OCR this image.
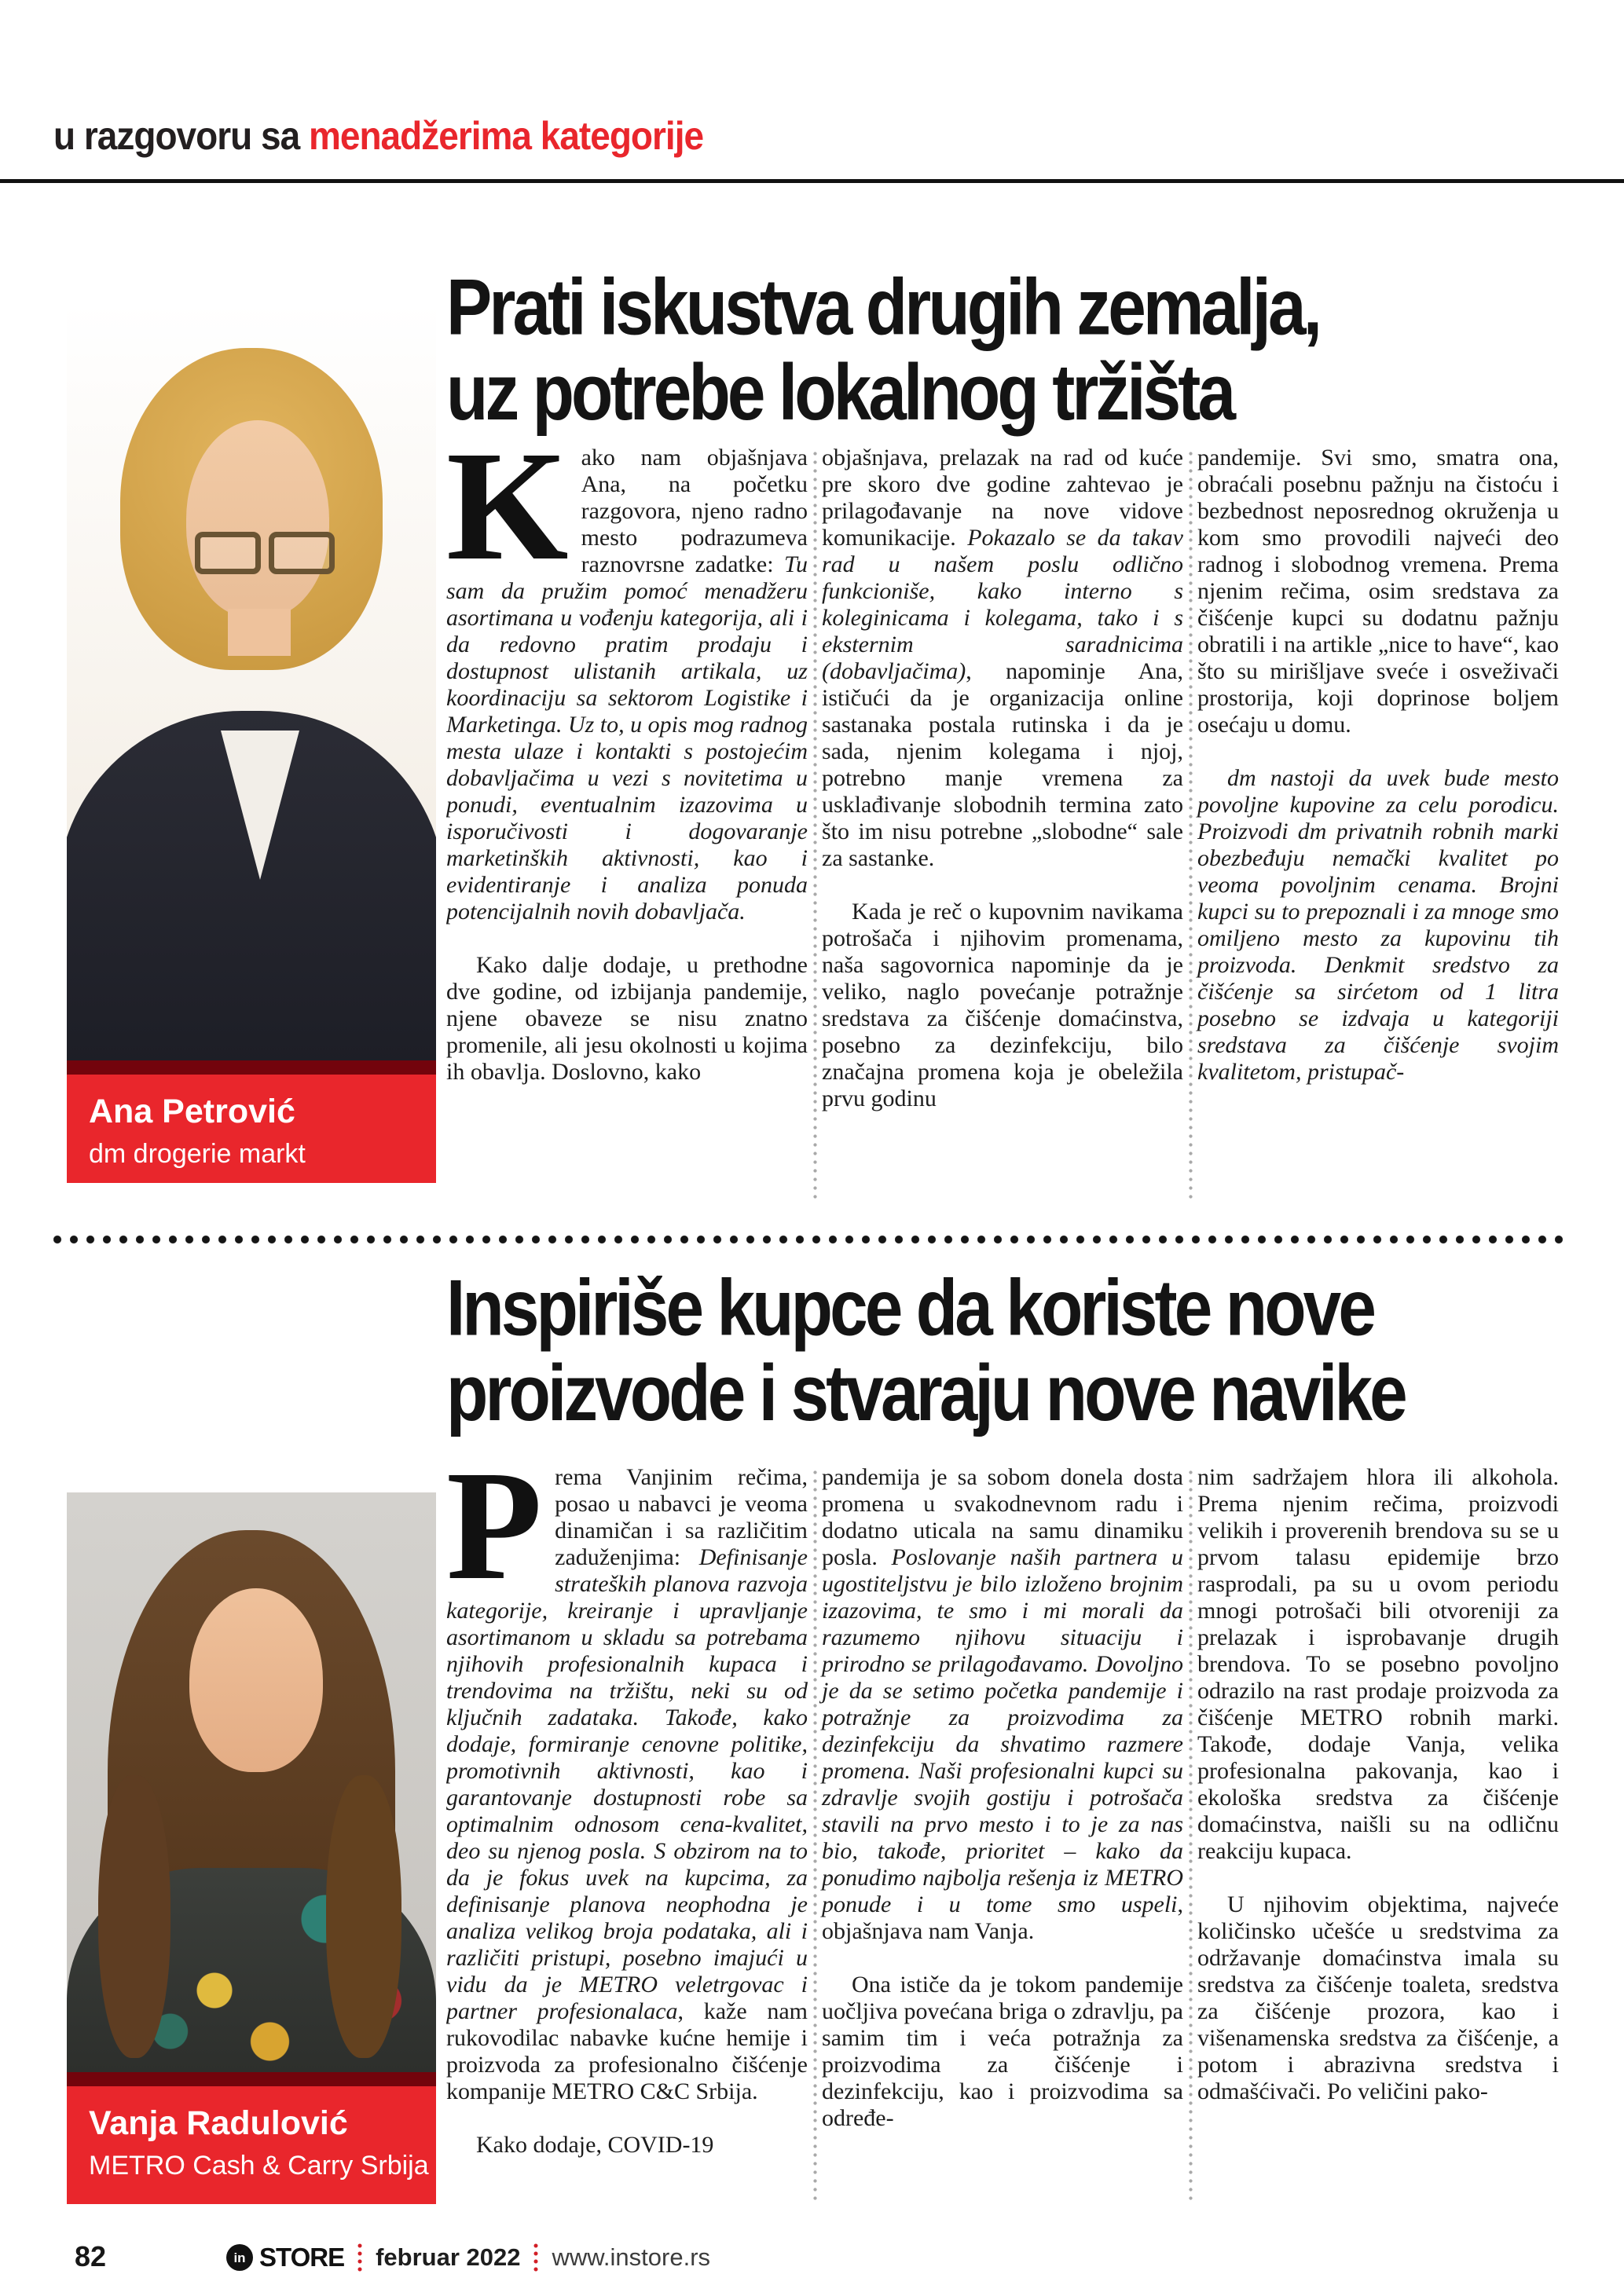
u razgovoru sa menadžerima kategorije
Prati iskustva drugih zemalja,
uz potrebe lokalnog tržišta
Ana Petrović
dm drogerie markt

Kako nam objašnjava Ana, na početku razgovora, njeno radno mesto podrazumeva raznovrsne zadatke: Tu sam da pružim pomoć menadžeru asortimana u vođenju kategorija, ali i da redovno pratim prodaju i dostupnost ulistanih artikala, uz koordinaciju sa sektorom Logistike i Marketinga. Uz to, u opis mog radnog mesta ulaze i kontakti s postojećim dobavljačima u vezi s novitetima u ponudi, eventualnim izazovima u isporučivosti i dogovaranje marketinških aktivnosti, kao i evidentiranje i analiza ponuda potencijalnih novih dobavljača.

Kako dalje dodaje, u prethodne dve godine, od izbijanja pandemije, njene obaveze se nisu znatno promenile, ali jesu okolnosti u kojima ih obavlja. Doslovno, kako

objašnjava, prelazak na rad od kuće pre skoro dve godine zahtevao je prilagođavanje na nove vidove komunikacije. Pokazalo se da takav rad u našem poslu odlično funkcioniše, kako interno s koleginicama i kolegama, tako i s eksternim saradnicima (dobavljačima), napominje Ana, ističući da je organizacija online sastanaka postala rutinska i da je sada, njenim kolegama i njoj, potrebno manje vremena za usklađivanje slobodnih termina zato što im nisu potrebne „slobodne“ sale za sastanke.

Kada je reč o kupovnim navikama potrošača i njihovim promenama, naša sagovornica napominje da je veliko, naglo povećanje potražnje sredstava za čišćenje domaćinstva, posebno za dezinfekciju, bilo značajna promena koja je obeležila prvu godinu

pandemije. Svi smo, smatra ona, obraćali posebnu pažnju na čistoću i bezbednost neposrednog okruženja u kom smo provodili najveći deo radnog i slobodnog vremena. Prema njenim rečima, osim sredstava za čišćenje kupci su dodatnu pažnju obratili i na artikle „nice to have“, kao što su mirišljave sveće i osveživači prostorija, koji doprinose boljem osećaju u domu.

dm nastoji da uvek bude mesto povoljne kupovine za celu porodicu. Proizvodi dm privatnih robnih marki obezbeđuju nemački kvalitet po veoma povoljnim cenama. Brojni kupci su to prepoznali i za mnoge smo omiljeno mesto za kupovinu tih proizvoda. Denkmit sredstvo za čišćenje sa sirćetom od 1 litra posebno se izdvaja u kategoriji sredstava za čišćenje svojim kvalitetom, pristupač-

Inspiriše kupce da koriste nove
proizvode i stvaraju nove navike
Vanja Radulović
METRO Cash & Carry Srbija

Prema Vanjinim rečima, posao u nabavci je veoma dinamičan i sa različitim zaduženjima: Definisanje strateških planova razvoja kategorije, kreiranje i upravljanje asortimanom u skladu sa potrebama njihovih profesionalnih kupaca i trendovima na tržištu, neki su od ključnih zadataka. Takođe, kako dodaje, formiranje cenovne politike, promotivnih aktivnosti, kao i garantovanje dostupnosti robe sa optimalnim odnosom cena-kvalitet, deo su njenog posla. S obzirom na to da je fokus uvek na kupcima, za definisanje planova neophodna je analiza velikog broja podataka, ali i različiti pristupi, posebno imajući u vidu da je METRO veletrgovac i partner profesionalaca, kaže nam rukovodilac nabavke kućne hemije i proizvoda za profesionalno čišćenje kompanije METRO C&C Srbija.

Kako dodaje, COVID-19

pandemija je sa sobom donela dosta promena u svakodnevnom radu i dodatno uticala na samu dinamiku posla. Poslovanje naših partnera u ugostiteljstvu je bilo izloženo brojnim izazovima, te smo i mi morali da razumemo njihovu situaciju i prirodno se prilagođavamo. Dovoljno je da se setimo početka pandemije i potražnje za proizvodima za dezinfekciju da shvatimo razmere promena. Naši profesionalni kupci su zdravlje svojih gostiju i potrošača stavili na prvo mesto i to je za nas bio, takođe, prioritet – kako da ponudimo najbolja rešenja iz METRO ponude i u tome smo uspeli, objašnjava nam Vanja.

Ona ističe da je tokom pandemije uočljiva povećana briga o zdravlju, pa samim tim i veća potražnja za proizvodima za čišćenje i dezinfekciju, kao i proizvodima sa određe-

nim sadržajem hlora ili alkohola. Prema njenim rečima, proizvodi velikih i proverenih brendova su se u prvom talasu epidemije brzo rasprodali, pa su u ovom periodu mnogi potrošači bili otvoreniji za prelazak i isprobavanje drugih brendova. To se posebno povoljno odrazilo na rast prodaje proizvoda za čišćenje METRO robnih marki. Takođe, dodaje Vanja, velika profesionalna pakovanja, kao i ekološka sredstva za čišćenje domaćinstva, naišli su na odličnu reakciju kupaca.

U njihovim objektima, najveće količinsko učešće u sredstvima za održavanje domaćinstva imala su sredstva za čišćenje toaleta, sredstva za čišćenje prozora, kao i višenamenska sredstva za čišćenje, a potom i abrazivna sredstva i odmašćivači. Po veličini pako-

82	in STORE februar 2022 www.instore.rs
